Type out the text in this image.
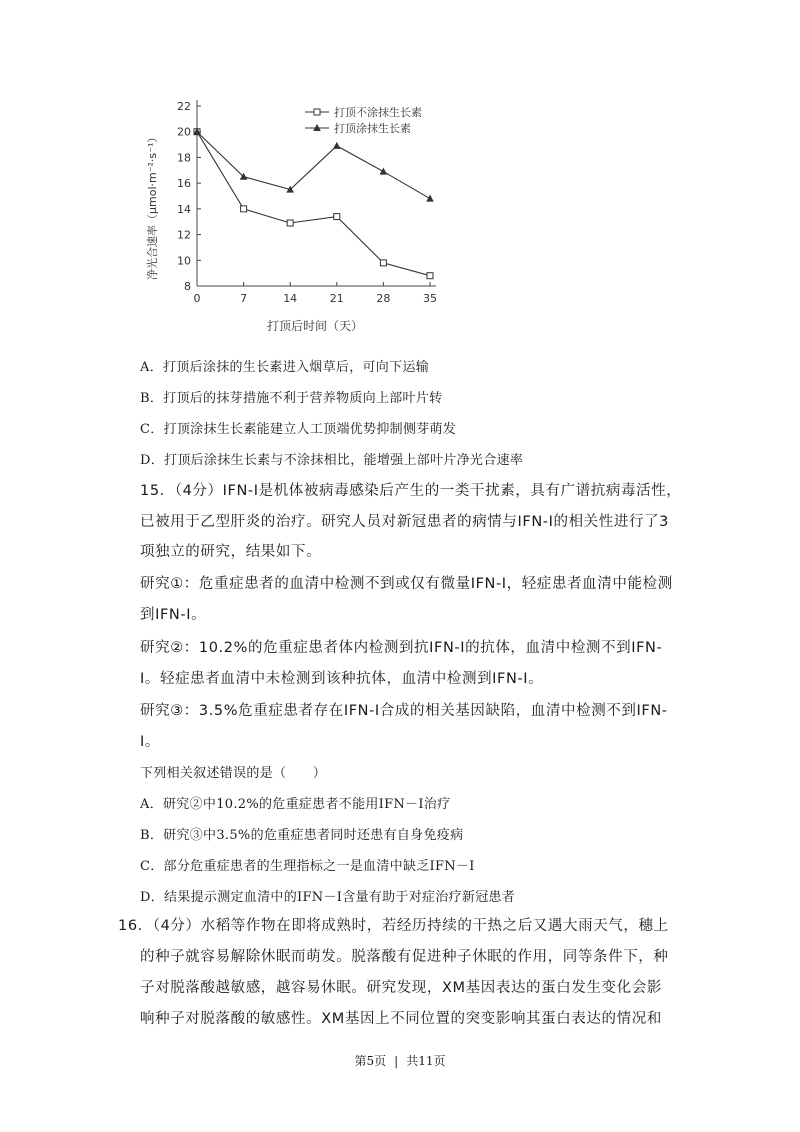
8
10
12
14
16
18
20
22
0	7	14	21	28	35
打顶不涂抹生长素
打顶涂抹生长素
净光合速率（μmol·m⁻²·s⁻¹）
打顶后时间（天）
A．打顶后涂抹的生长素进入烟草后，可向下运输
B．打顶后的抹芽措施不利于营养物质向上部叶片转
C．打顶涂抹生长素能建立人工顶端优势抑制侧芽萌发
D．打顶后涂抹生长素与不涂抹相比，能增强上部叶片净光合速率
15．（4分）IFN-I是机体被病毒感染后产生的一类干扰素，具有广谱抗病毒活性，
已被用于乙型肝炎的治疗。研究人员对新冠患者的病情与IFN-I的相关性进行了3
项独立的研究，结果如下。
研究①：危重症患者的血清中检测不到或仅有微量IFN-I，轻症患者血清中能检测
到IFN-I。
研究②：10.2%的危重症患者体内检测到抗IFN-I的抗体，血清中检测不到IFN-
I。轻症患者血清中未检测到该种抗体，血清中检测到IFN-I。
研究③：3.5%危重症患者存在IFN-I合成的相关基因缺陷，血清中检测不到IFN-
I。
下列相关叙述错误的是（　　）
A．研究②中10.2%的危重症患者不能用IFN－I治疗
B．研究③中3.5%的危重症患者同时还患有自身免疫病
C．部分危重症患者的生理指标之一是血清中缺乏IFN－I
D．结果提示测定血清中的IFN－I含量有助于对症治疗新冠患者
16．（4分）水稻等作物在即将成熟时，若经历持续的干热之后又遇大雨天气，穗上
的种子就容易解除休眠而萌发。脱落酸有促进种子休眠的作用，同等条件下，种
子对脱落酸越敏感，越容易休眠。研究发现，XM基因表达的蛋白发生变化会影
响种子对脱落酸的敏感性。XM基因上不同位置的突变影响其蛋白表达的情况和
第5页 | 共11页
